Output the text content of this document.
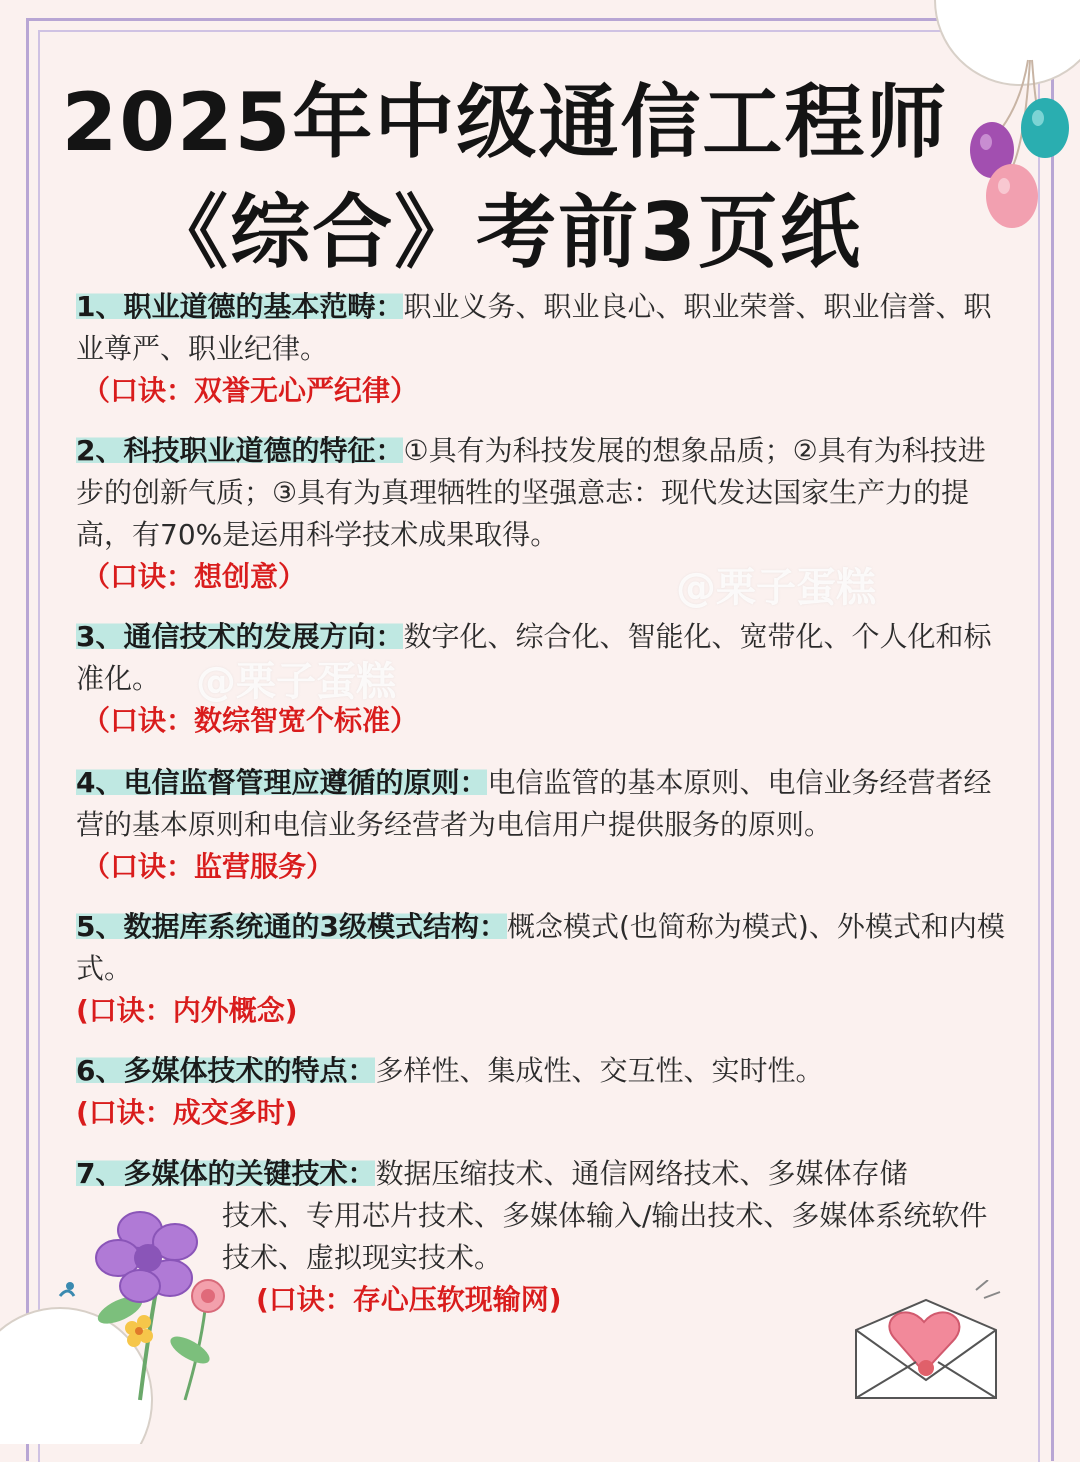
2025年中级通信工程师
《综合》考前3页纸
1、职业道德的基本范畴：职业义务、职业良心、职业荣誉、职业信誉、职业尊严、职业纪律。
（口诀：双誉无心严纪律）
2、科技职业道德的特征：①具有为科技发展的想象品质；②具有为科技进步的创新气质；③具有为真理牺牲的坚强意志：现代发达国家生产力的提高，有70%是运用科学技术成果取得。
（口诀：想创意）
3、通信技术的发展方向：数字化、综合化、智能化、宽带化、个人化和标准化。
（口诀：数综智宽个标准）
4、电信监督管理应遵循的原则：电信监管的基本原则、电信业务经营者经营的基本原则和电信业务经营者为电信用户提供服务的原则。
（口诀：监营服务）
5、数据库系统通的3级模式结构：概念模式(也简称为模式)、外模式和内模式。
(口诀：内外概念)
6、多媒体技术的特点：多样性、集成性、交互性、实时性。
(口诀：成交多时)
7、多媒体的关键技术：数据压缩技术、通信网络技术、多媒体存储
技术、专用芯片技术、多媒体输入/输出技术、多媒体系统软件技术、虚拟现实技术。
(口诀：存心压软现输网)
@栗子蛋糕
@栗子蛋糕
